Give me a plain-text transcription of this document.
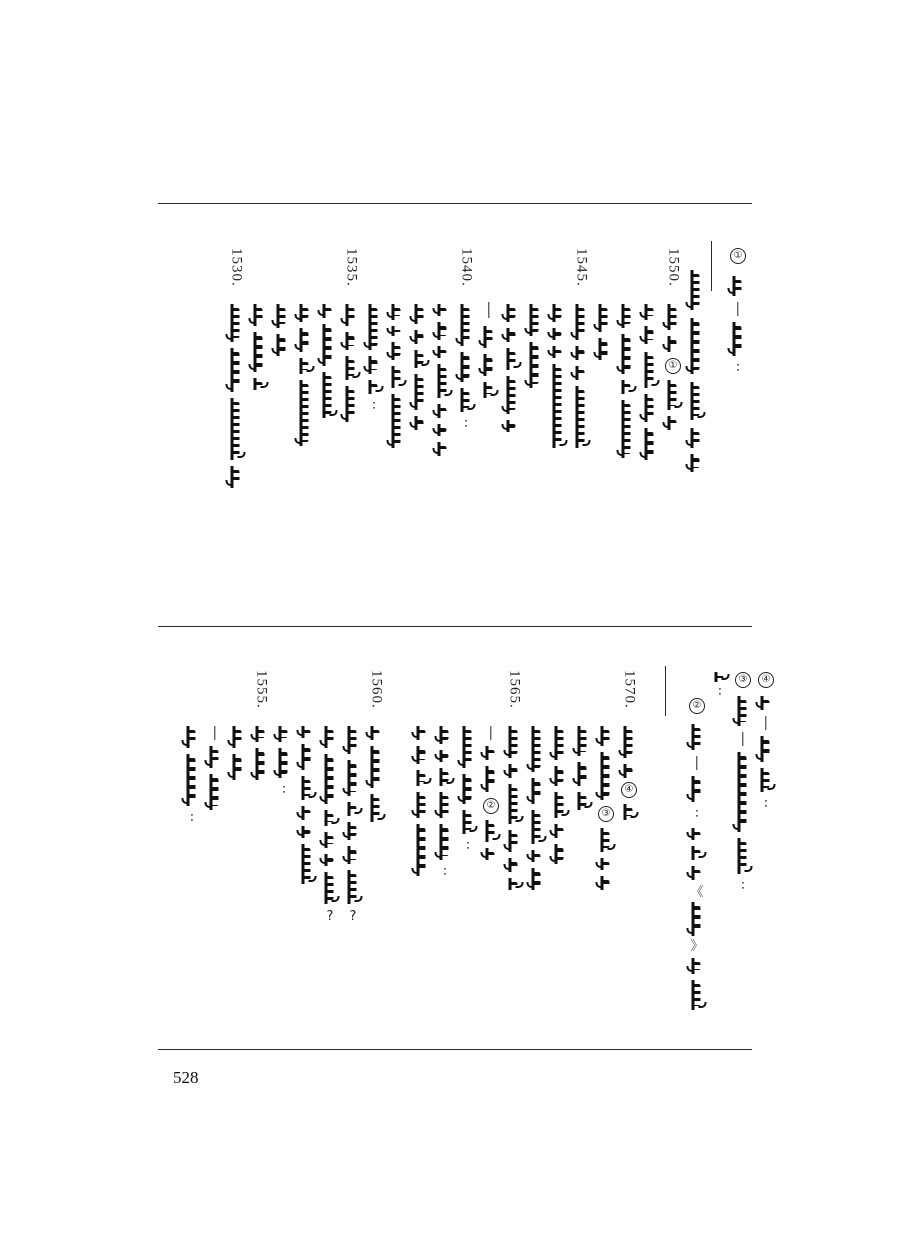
①
∶
1550.
①
1545.
1540.
∶
∶
1535.
1530.
④
∶
③
∶
∶
②
∶
《
》
1570.
④
③
1565.
②
∶
∶
1560.
?
?
∶
1555.
∶
528
